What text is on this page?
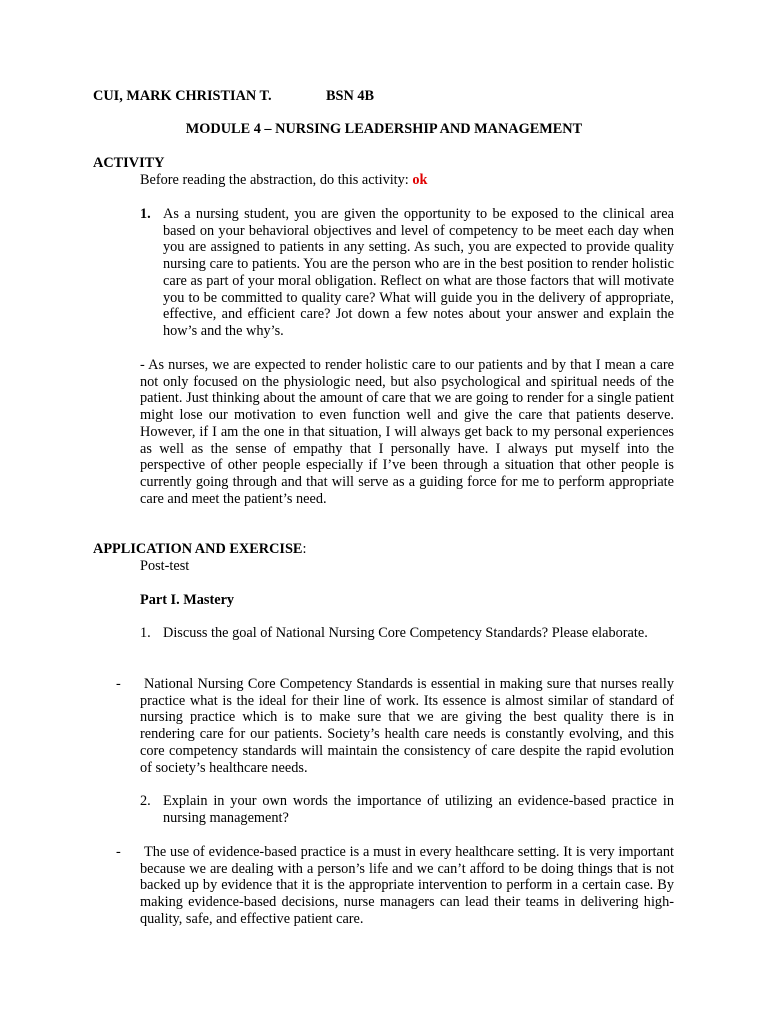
CUI, MARK CHRISTIAN T.	BSN 4B
MODULE 4 – NURSING LEADERSHIP AND MANAGEMENT
ACTIVITY
Before reading the abstraction, do this activity: ok
1. As a nursing student, you are given the opportunity to be exposed to the clinical area based on your behavioral objectives and level of competency to be meet each day when you are assigned to patients in any setting. As such, you are expected to provide quality nursing care to patients. You are the person who are in the best position to render holistic care as part of your moral obligation. Reflect on what are those factors that will motivate you to be committed to quality care? What will guide you in the delivery of appropriate, effective, and efficient care? Jot down a few notes about your answer and explain the how’s and the why’s.
- As nurses, we are expected to render holistic care to our patients and by that I mean a care not only focused on the physiologic need, but also psychological and spiritual needs of the patient. Just thinking about the amount of care that we are going to render for a single patient might lose our motivation to even function well and give the care that patients deserve. However, if I am the one in that situation, I will always get back to my personal experiences as well as the sense of empathy that I personally have. I always put myself into the perspective of other people especially if I’ve been through a situation that other people is currently going through and that will serve as a guiding force for me to perform appropriate care and meet the patient’s need.
APPLICATION AND EXERCISE:
Post-test
Part I. Mastery
1. Discuss the goal of National Nursing Core Competency Standards? Please elaborate.
- National Nursing Core Competency Standards is essential in making sure that nurses really practice what is the ideal for their line of work. Its essence is almost similar of standard of nursing practice which is to make sure that we are giving the best quality there is in rendering care for our patients. Society’s health care needs is constantly evolving, and this core competency standards will maintain the consistency of care despite the rapid evolution of society’s healthcare needs.
2. Explain in your own words the importance of utilizing an evidence-based practice in nursing management?
- The use of evidence-based practice is a must in every healthcare setting. It is very important because we are dealing with a person’s life and we can’t afford to be doing things that is not backed up by evidence that it is the appropriate intervention to perform in a certain case. By making evidence-based decisions, nurse managers can lead their teams in delivering high-quality, safe, and effective patient care.
